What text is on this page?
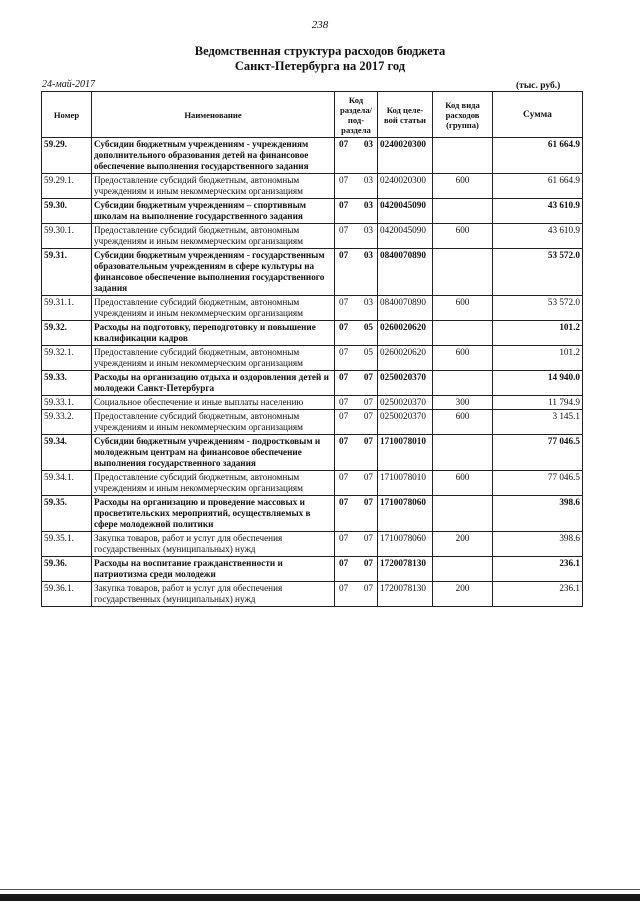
238
Ведомственная структура расходов бюджета
Санкт-Петербурга на 2017 год
24-май-2017	(тыс. руб.)
Номер	Наименование	Код раздела/ под-раздела	Код целе-вой статьи	Код вида расходов (группа)	Сумма
59.29.	Субсидии бюджетным учреждениям - учреждениям дополнительного образования детей на финансовое обеспечение выполнения государственного задания	07 03	0240020300		61 664.9
59.29.1.	Предоставление субсидий бюджетным, автономным учреждениям и иным некоммерческим организациям	07 03	0240020300	600	61 664.9
59.30.	Субсидии бюджетным учреждениям – спортивным школам на выполнение государственного задания	07 03	0420045090		43 610.9
59.30.1.	Предоставление субсидий бюджетным, автономным учреждениям и иным некоммерческим организациям	07 03	0420045090	600	43 610.9
59.31.	Субсидии бюджетным учреждениям - государственным образовательным учреждениям в сфере культуры на финансовое обеспечение выполнения государственного задания	07 03	0840070890		53 572.0
59.31.1.	Предоставление субсидий бюджетным, автономным учреждениям и иным некоммерческим организациям	07 03	0840070890	600	53 572.0
59.32.	Расходы на подготовку, переподготовку и повышение квалификации кадров	07 05	0260020620		101.2
59.32.1.	Предоставление субсидий бюджетным, автономным учреждениям и иным некоммерческим организациям	07 05	0260020620	600	101.2
59.33.	Расходы на организацию отдыха и оздоровления детей и молодежи Санкт-Петербурга	07 07	0250020370		14 940.0
59.33.1.	Социальное обеспечение и иные выплаты населению	07 07	0250020370	300	11 794.9
59.33.2.	Предоставление субсидий бюджетным, автономным учреждениям и иным некоммерческим организациям	07 07	0250020370	600	3 145.1
59.34.	Субсидии бюджетным учреждениям - подростковым и молодежным центрам на финансовое обеспечение выполнения государственного задания	07 07	1710078010		77 046.5
59.34.1.	Предоставление субсидий бюджетным, автономным учреждениям и иным некоммерческим организациям	07 07	1710078010	600	77 046.5
59.35.	Расходы на организацию и проведение массовых и просветительских мероприятий, осуществляемых в сфере молодежной политики	07 07	1710078060		398.6
59.35.1.	Закупка товаров, работ и услуг для обеспечения государственных (муниципальных) нужд	07 07	1710078060	200	398.6
59.36.	Расходы на воспитание гражданственности и патриотизма среди молодежи	07 07	1720078130		236.1
59.36.1.	Закупка товаров, работ и услуг для обеспечения государственных (муниципальных) нужд	07 07	1720078130	200	236.1
